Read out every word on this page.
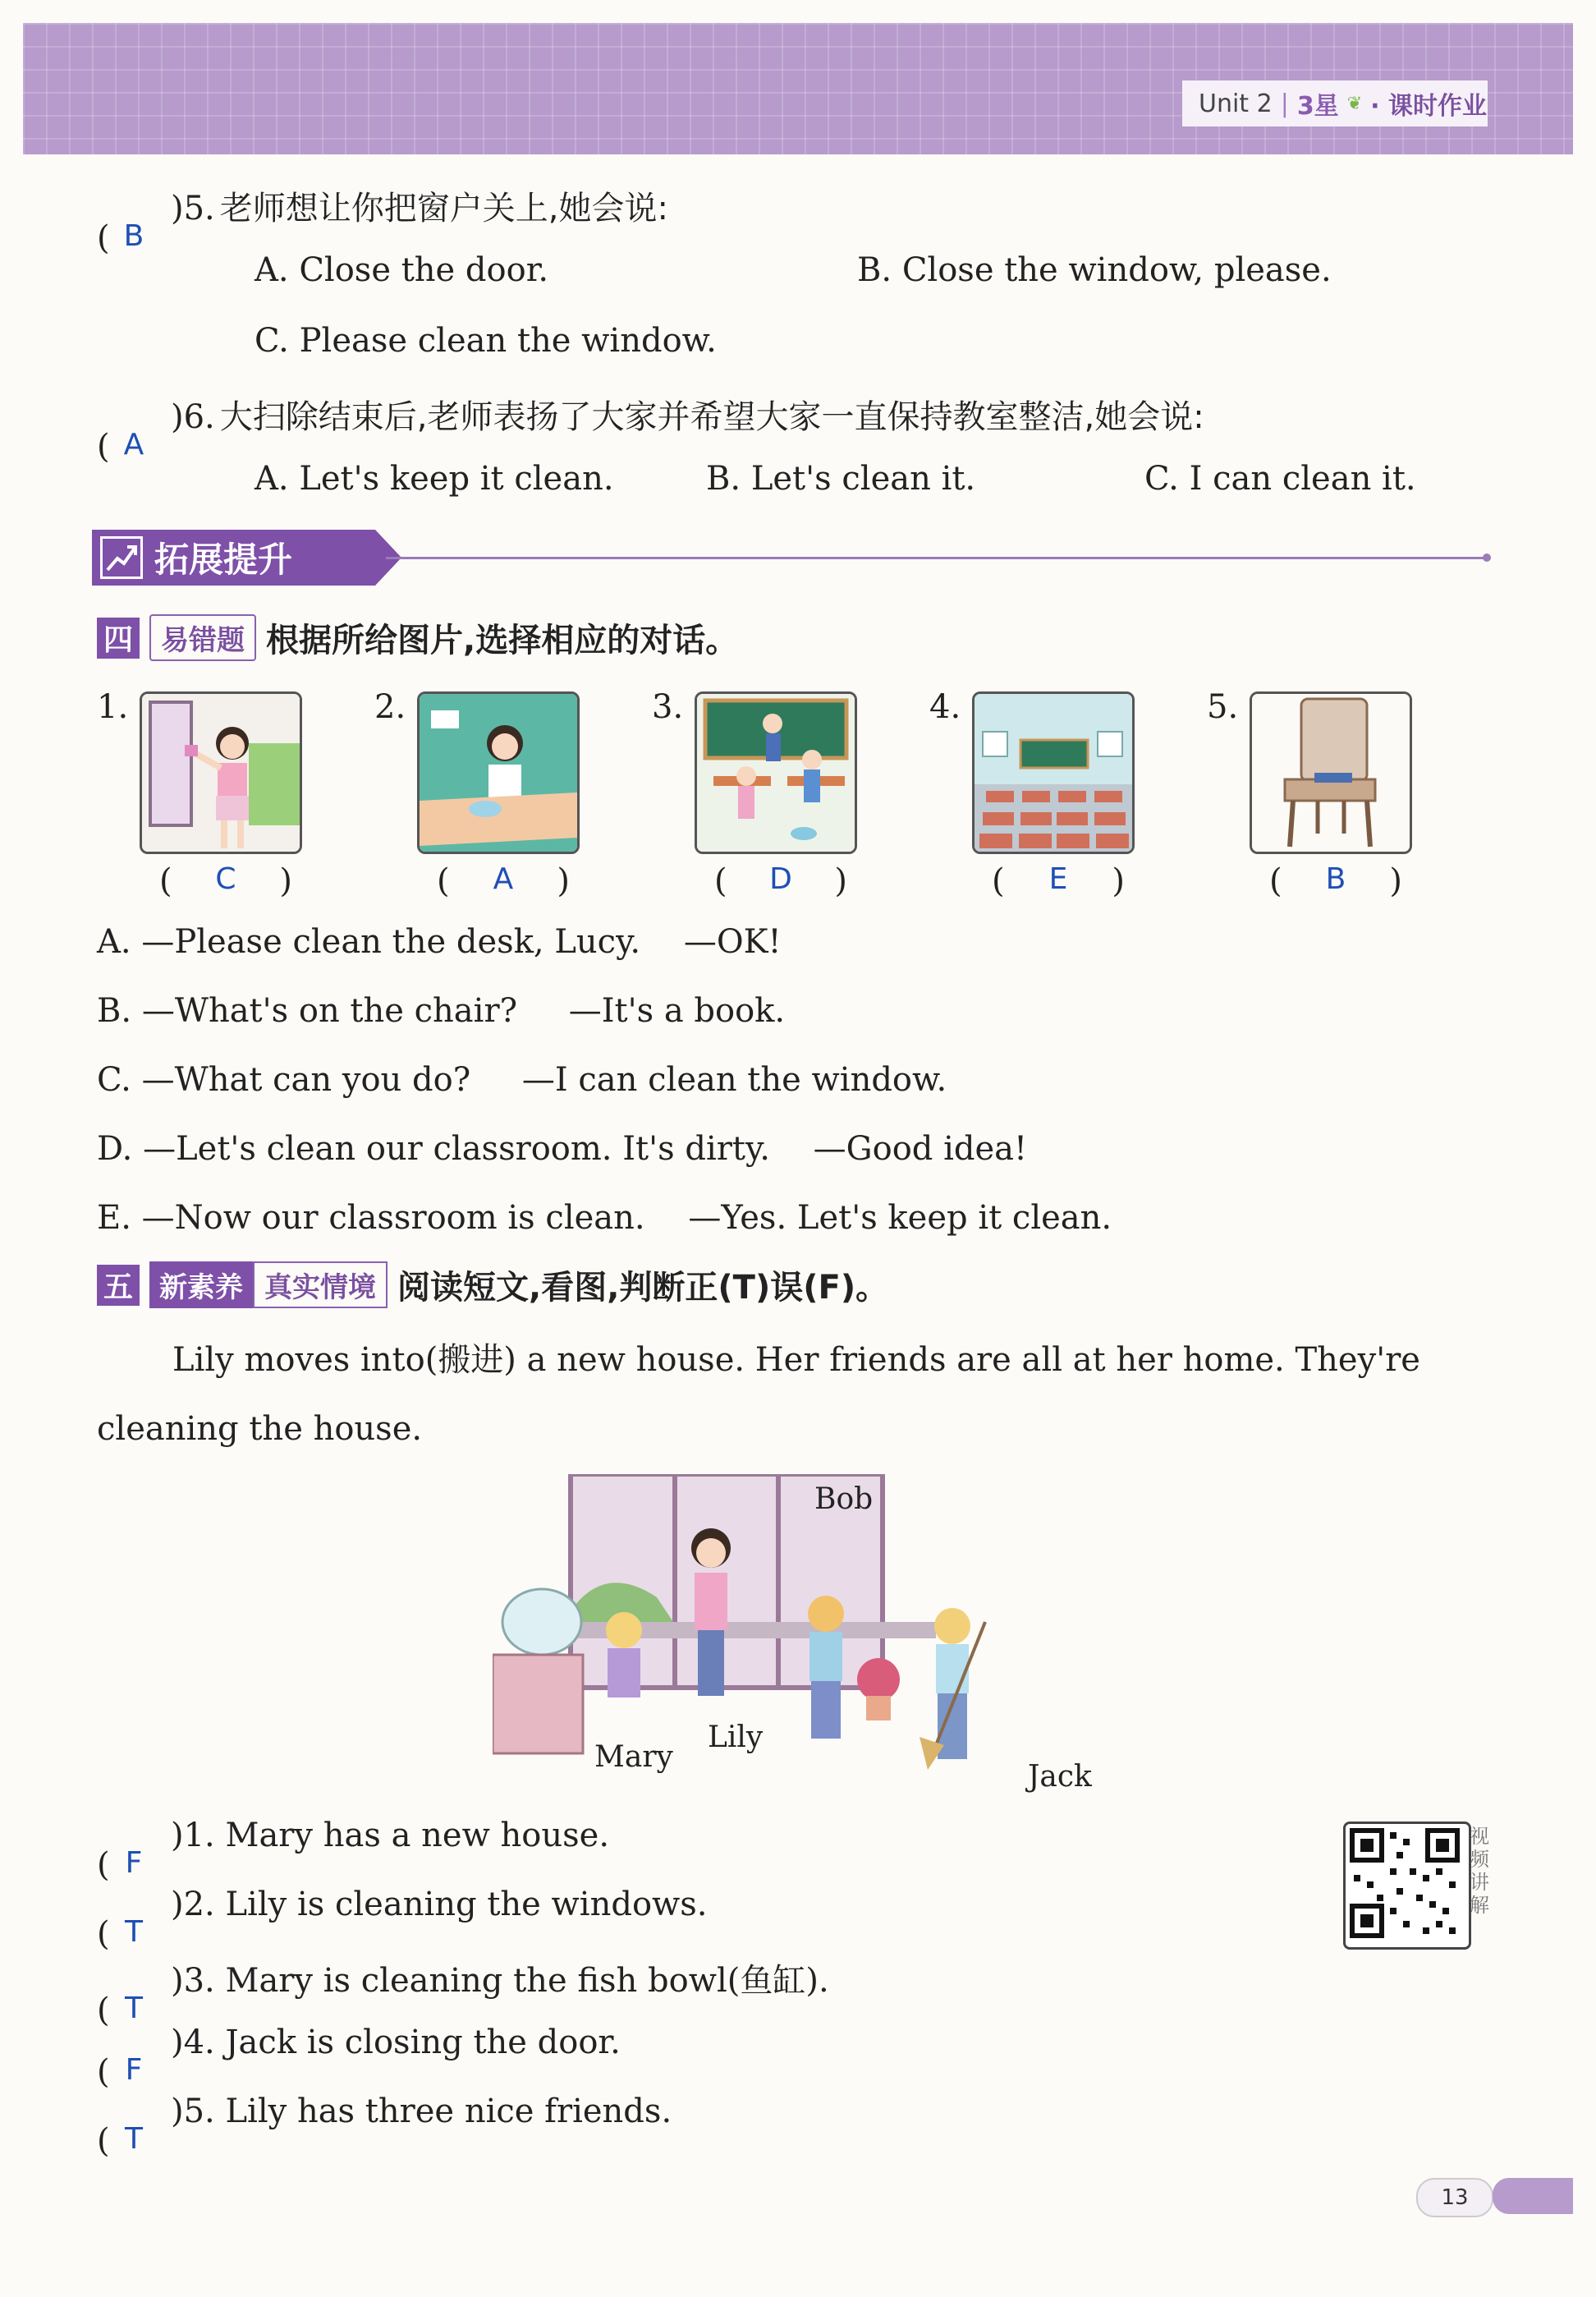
Unit 2 | 3星 ❦ · 课时作业
( B
)5. 老师想让你把窗户关上,她会说:
A. Close the door.	B. Close the window, please.
C. Please clean the window.
( A
)6. 大扫除结束后,老师表扬了大家并希望大家一直保持教室整洁,她会说:
A. Let's keep it clean.	B. Let's clean it.	C. I can clean it.
拓展提升
四	易错题 根据所给图片,选择相应的对话。
1.
( C )
2.
( A )
3.
( D )
4.
( E )
5.
( B )
A. —Please clean the desk, Lucy. —OK!
B. —What's on the chair? —It's a book.
C. —What can you do? —I can clean the window.
D. —Let's clean our classroom. It's dirty. —Good idea!
E. —Now our classroom is clean. —Yes. Let's keep it clean.
五 新素养 真实情境 阅读短文,看图,判断正(T)误(F)。
Lily moves into(搬进) a new house. Her friends are all at her home. They're cleaning the house.
Bob
Mary
Lily
Jack
( F
)1. Mary has a new house.
( T
)2. Lily is cleaning the windows.
( T
)3. Mary is cleaning the fish bowl(鱼缸).
( F
)4. Jack is closing the door.
( T
)5. Lily has three nice friends.
视频讲解
13
